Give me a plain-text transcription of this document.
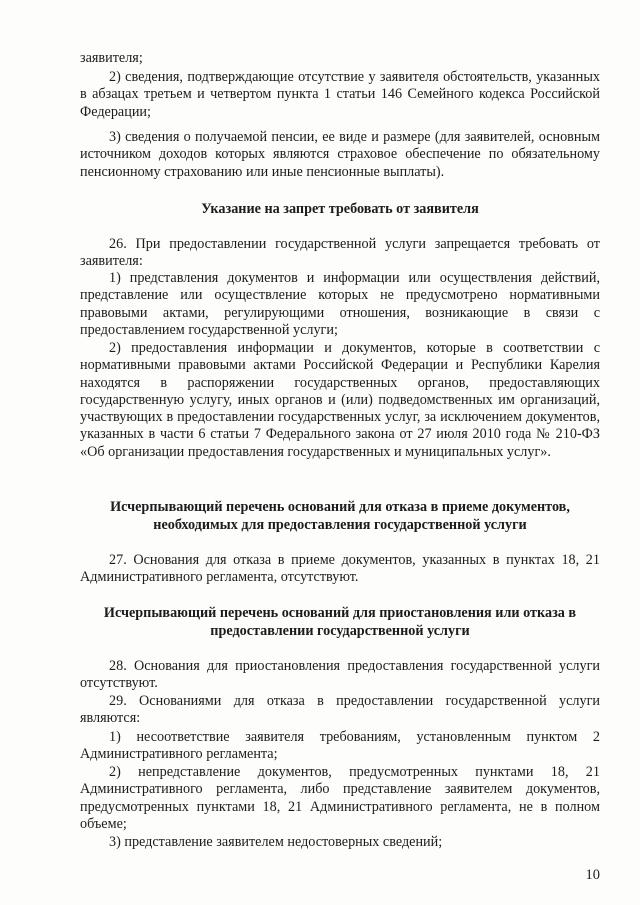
заявителя;

2) сведения, подтверждающие отсутствие у заявителя обстоятельств, указанных в абзацах третьем и четвертом пункта 1 статьи 146 Семейного кодекса Российской Федерации;

3) сведения о получаемой пенсии, ее виде и размере (для заявителей, основным источником доходов которых являются страховое обеспечение по обязательному пенсионному страхованию или иные пенсионные выплаты).

Указание на запрет требовать от заявителя

26. При предоставлении государственной услуги запрещается требовать от заявителя:

1) представления документов и информации или осуществления действий, представление или осуществление которых не предусмотрено нормативными правовыми актами, регулирующими отношения, возникающие в связи с предоставлением государственной услуги;

2) предоставления информации и документов, которые в соответствии с нормативными правовыми актами Российской Федерации и Республики Карелия находятся в распоряжении государственных органов, предоставляющих государственную услугу, иных органов и (или) подведомственных им организаций, участвующих в предоставлении государственных услуг, за исключением документов, указанных в части 6 статьи 7 Федерального закона от 27 июля 2010 года № 210-ФЗ «Об организации предоставления государственных и муниципальных услуг».

Исчерпывающий перечень оснований для отказа в приеме документов, необходимых для предоставления государственной услуги

27. Основания для отказа в приеме документов, указанных в пунктах 18, 21 Административного регламента, отсутствуют.

Исчерпывающий перечень оснований для приостановления или отказа в предоставлении государственной услуги

28. Основания для приостановления предоставления государственной услуги отсутствуют.

29. Основаниями для отказа в предоставлении государственной услуги являются:

1) несоответствие заявителя требованиям, установленным пунктом 2 Административного регламента;

2) непредставление документов, предусмотренных пунктами 18, 21 Административного регламента, либо представление заявителем документов, предусмотренных пунктами 18, 21 Административного регламента, не в полном объеме;

3) представление заявителем недостоверных сведений;

10
